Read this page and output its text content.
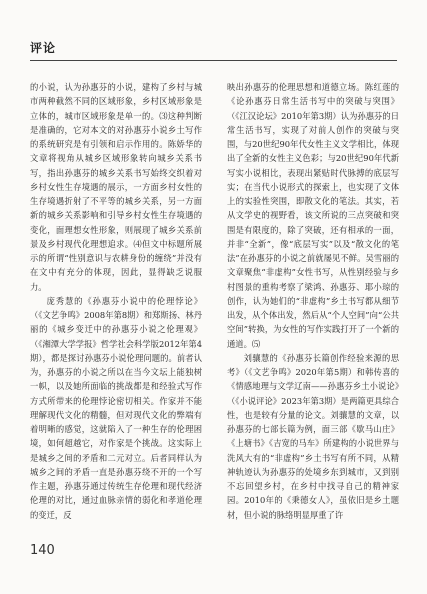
评论

的小说，认为孙惠芬的小说，建构了乡村与城市两种截然不同的区域形象，乡村区域形象是立体的，城市区域形象是单一的。⑶这种判断是准确的，它对本文的对孙惠芬小说乡土写作的系统研究是有引领和启示作用的。陈娇华的文章将视角从城乡区域形象转向城乡关系书写，指出孙惠芬的城乡关系书写始终交织着对乡村女性生存境遇的展示，一方面乡村女性的生存境遇折射了不平等的城乡关系，另一方面新的城乡关系影响和引导乡村女性生存境遇的变化，面理想女性形象，则展现了城乡关系前景及乡村现代化理想追求。⑷但文中标题所展示的所谓“性别意识与农耕身份的缠绕”并没有在文中有充分的体现，因此，显得缺乏说服力。

庞秀慧的《孙惠芬小说中的伦理悖论》（《文艺争鸣》2008年第8期）和郑斯扬、林丹丽的《城乡变迁中的孙惠芬小说之伦理观》（《湘潭大学学报》哲学社会科学版2012年第4期），都是探讨孙惠芬小说伦理问题的。前者认为，孙惠芬的小说之所以在当今文坛上能独树一帜，以及她所面临的挑战都是和经验式写作方式所带来的伦理悖论密切相关。作家并不能理解现代文化的精髓，但对现代文化的弊端有着明晰的感觉，这就陷入了一种生存的伦理困境，如何超越它，对作家是个挑战。这实际上是城乡之间的矛盾和二元对立。后者同样认为城乡之间的矛盾一直是孙惠芬绕不开的一个写作主题，孙惠芬通过传统生存伦理和现代经济伦理的对比，通过血脉亲情的弱化和孝道伦理的变迁，反

映出孙惠芬的伦理思想和道德立场。陈红莲的《论孙惠芬日常生活书写中的突破与突围》（《江汉论坛》2010年第3期）认为孙惠芬的日常生活书写，实现了对前人创作的突破与突围，与20世纪90年代女性主义文学相比，体现出了全新的女性主义色彩；与20世纪90年代新写实小说相比，表现出紧贴时代脉搏的底层写实；在当代小说形式的探索上，也实现了文体上的实验性突围，即散文化的笔法。其实，若从文学史的视野看，该文所说的三点突破和突围是有限度的，除了突破，还有相承的一面，并非“全新”，像“底层写实”以及“散文化的笔法”在孙惠芬的小说之前就屡见不鲜。吴雪丽的文章聚焦“非虚构”女性书写，从性别经验与乡村图景的重构考察了梁鸿、孙惠芬、耶小琼的创作，认为她们的“非虚构”乡土书写都从细节出发，从个体出发，然后从“个人空间”向“公共空间”转换，为女性的写作实践打开了一个新的通道。⑸

刘骧慧的《孙惠芬长篇创作经验来源的思考》（《文艺争鸣》2020年第5期）和韩传喜的《情感地理与文学辽南——孙惠芬乡土小说论》（《小说评论》2023年第3期）是两篇更具综合性，也是较有分量的论文。刘骧慧的文章，以孙惠芬的七部长篇为例，面三部《歇马山庄》《上塘书》《吉宽的马车》所建构的小说世界与洗风大有的“非虚构”乡土书写有所不同，从精神轨迹认为孙惠芬的处境乡东到城市，又到别不忘回望乡村，在乡村中找寻自己的精神家园。2010年的《秉德女人》，虽依旧是乡土题材，但小说的脉络明显厚重了许

140
